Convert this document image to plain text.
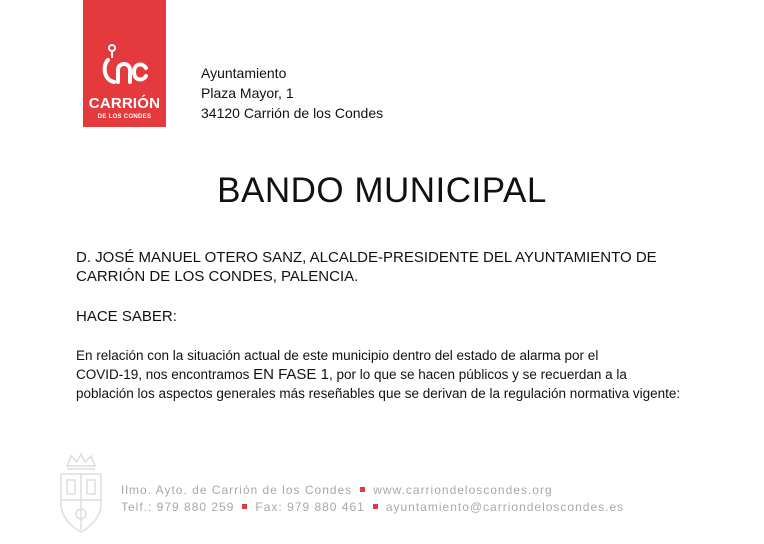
CARRIÓN
DE LOS CONDES
Ayuntamiento
Plaza Mayor, 1
34120 Carrión de los Condes
BANDO MUNICIPAL
D. JOSÉ MANUEL OTERO SANZ, ALCALDE-PRESIDENTE DEL AYUNTAMIENTO DE
CARRIÓN DE LOS CONDES, PALENCIA.
HACE SABER:
En relación con la situación actual de este municipio dentro del estado de alarma por el
COVID-19, nos encontramos EN FASE 1, por lo que se hacen públicos y se recuerdan a la
población los aspectos generales más reseñables que se derivan de la regulación normativa vigente:
Ilmo. Ayto. de Carrión de los Condes www.carriondeloscondes.org
Telf.: 979 880 259 Fax: 979 880 461 ayuntamiento@carriondeloscondes.es
